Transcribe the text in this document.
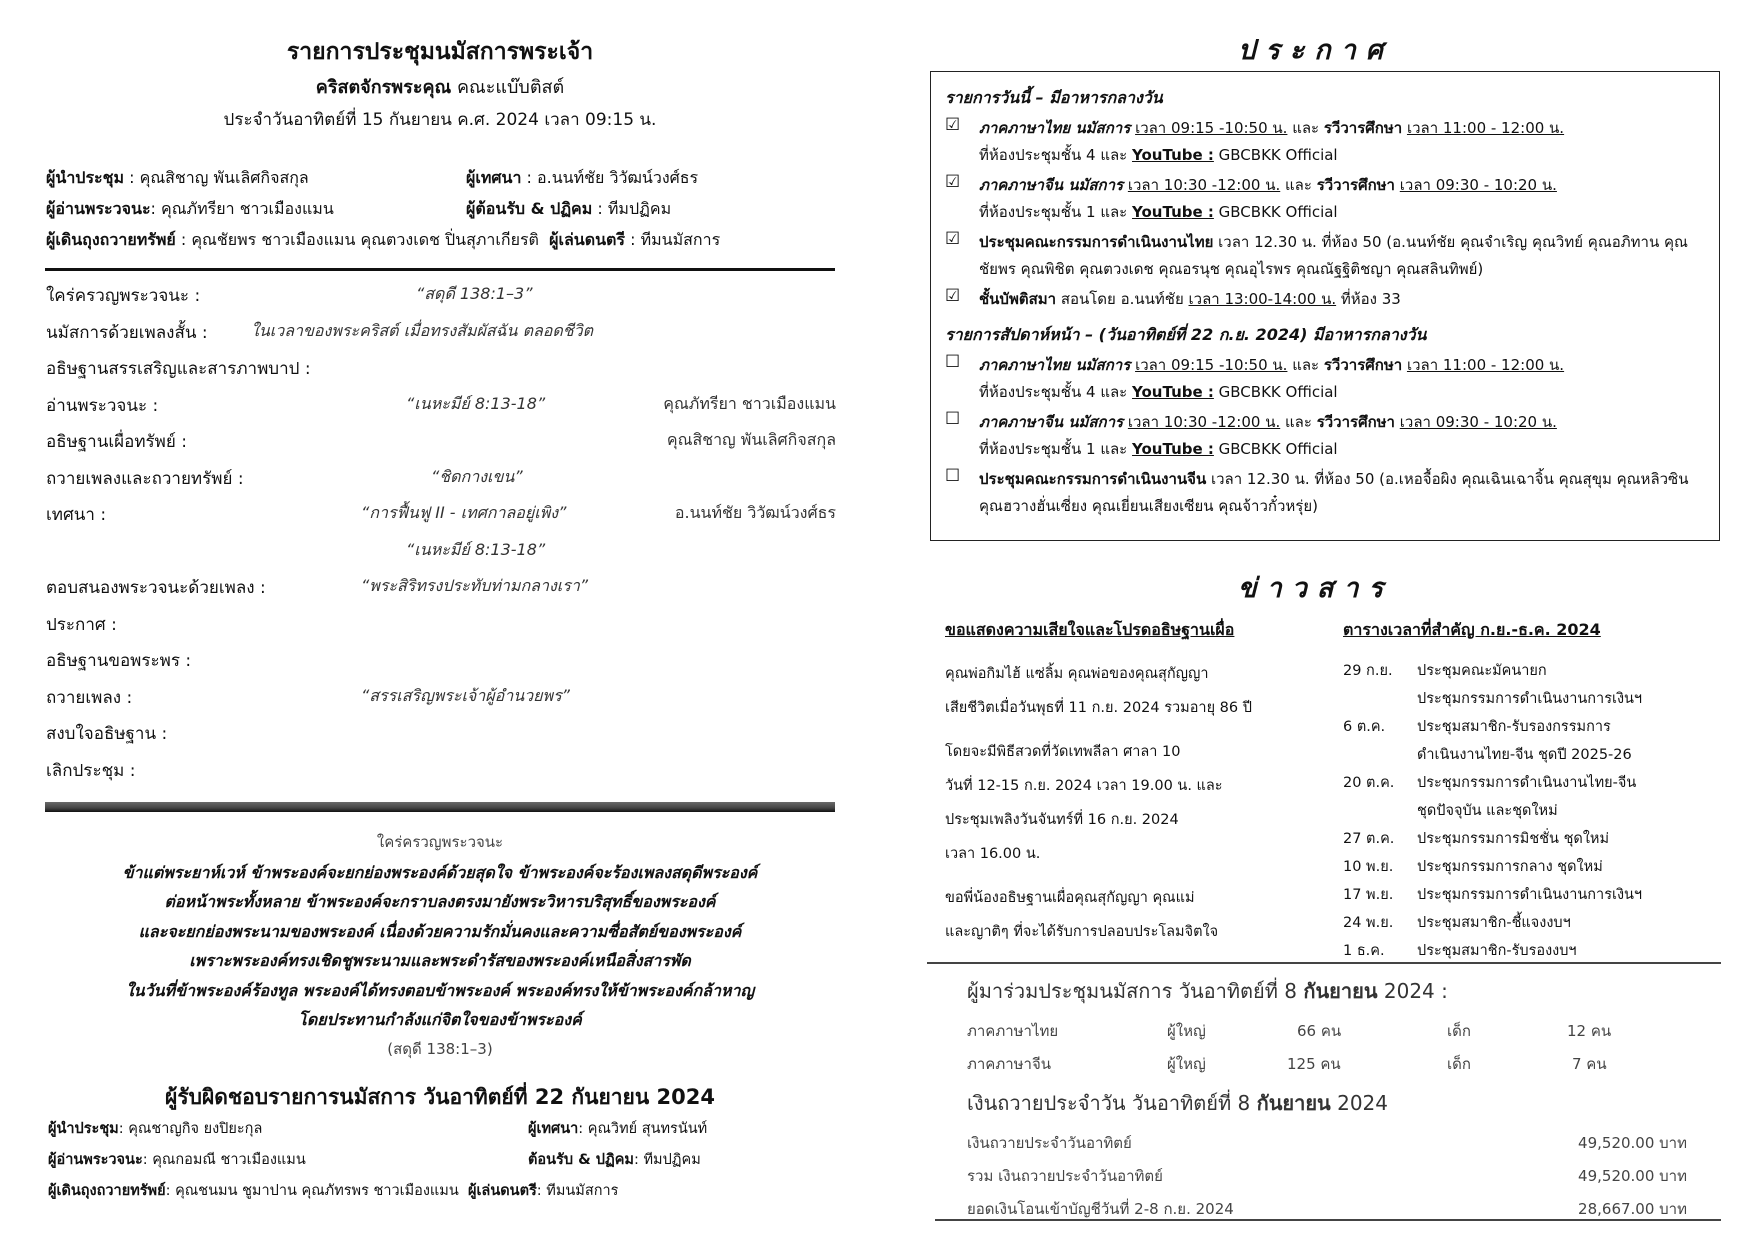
รายการประชุมนมัสการพระเจ้า
คริสตจักรพระคุณ คณะแบ๊บติสต์
ประจำวันอาทิตย์ที่ 15 กันยายน ค.ศ. 2024 เวลา 09:15 น.
ผู้นำประชุม : คุณสิชาญ พันเลิศกิจสกุล	ผู้เทศนา : อ.นนท์ชัย วิวัฒน์วงศ์ธร
ผู้อ่านพระวจนะ: คุณภัทรียา ชาวเมืองแมน	ผู้ต้อนรับ & ปฏิคม : ทีมปฏิคม
ผู้เดินถุงถวายทรัพย์ : คุณชัยพร ชาวเมืองแมน คุณตวงเดช ปิ่นสุภาเกียรติ ผู้เล่นดนตรี : ทีมนมัสการ
ใคร่ครวญพระวจนะ :	“สดุดี 138:1–3”
นมัสการด้วยเพลงสั้น :	ในเวลาของพระคริสต์ เมื่อทรงสัมผัสฉัน ตลอดชีวิต
อธิษฐานสรรเสริญและสารภาพบาป :
อ่านพระวจนะ :	“เนหะมีย์ 8:13-18”	คุณภัทรียา ชาวเมืองแมน
อธิษฐานเผื่อทรัพย์ :	คุณสิชาญ พันเลิศกิจสกุล
ถวายเพลงและถวายทรัพย์ :	“ชิดกางเขน”
เทศนา :	“การฟื้นฟู II - เทศกาลอยู่เพิง”	อ.นนท์ชัย วิวัฒน์วงศ์ธร
“เนหะมีย์ 8:13-18”
ตอบสนองพระวจนะด้วยเพลง :	“พระสิริทรงประทับท่ามกลางเรา”
ประกาศ :
อธิษฐานขอพระพร :
ถวายเพลง :	“สรรเสริญพระเจ้าผู้อำนวยพร”
สงบใจอธิษฐาน :
เลิกประชุม :
ใคร่ครวญพระวจนะ
ข้าแต่พระยาห์เวห์ ข้าพระองค์จะยกย่องพระองค์ด้วยสุดใจ ข้าพระองค์จะร้องเพลงสดุดีพระองค์
ต่อหน้าพระทั้งหลาย ข้าพระองค์จะกราบลงตรงมายังพระวิหารบริสุทธิ์ของพระองค์
และจะยกย่องพระนามของพระองค์ เนื่องด้วยความรักมั่นคงและความซื่อสัตย์ของพระองค์
เพราะพระองค์ทรงเชิดชูพระนามและพระดำรัสของพระองค์เหนือสิ่งสารพัด
ในวันที่ข้าพระองค์ร้องทูล พระองค์ได้ทรงตอบข้าพระองค์ พระองค์ทรงให้ข้าพระองค์กล้าหาญ
โดยประทานกำลังแก่จิตใจของข้าพระองค์
(สดุดี 138:1–3)
ผู้รับผิดชอบรายการนมัสการ วันอาทิตย์ที่ 22 กันยายน 2024
ผู้นำประชุม: คุณชาญกิจ ยงปิยะกุล	ผู้เทศนา: คุณวิทย์ สุนทรนันท์
ผู้อ่านพระวจนะ: คุณกอมณี ชาวเมืองแมน	ต้อนรับ & ปฏิคม: ทีมปฏิคม
ผู้เดินถุงถวายทรัพย์: คุณชนมน ชูมาปาน คุณภัทรพร ชาวเมืองแมน ผู้เล่นดนตรี: ทีมนมัสการ
ประกาศ
รายการวันนี้ – มีอาหารกลางวัน
☑	ภาคภาษาไทย นมัสการ เวลา 09:15 -10:50 น. และ รวีวารศึกษา เวลา 11:00 - 12:00 น.
ที่ห้องประชุมชั้น 4 และ YouTube : GBCBKK Official
☑	ภาคภาษาจีน นมัสการ เวลา 10:30 -12:00 น. และ รวีวารศึกษา เวลา 09:30 - 10:20 น.
ที่ห้องประชุมชั้น 1 และ YouTube : GBCBKK Official
☑	ประชุมคณะกรรมการดำเนินงานไทย เวลา 12.30 น. ที่ห้อง 50 (อ.นนท์ชัย คุณจำเริญ คุณวิทย์ คุณอภิทาน คุณชัยพร คุณพิชิต คุณตวงเดช คุณอรนุช คุณอุไรพร คุณณัฐฐิติชญา คุณสลินทิพย์)
☑	ชั้นบัพติสมา สอนโดย อ.นนท์ชัย เวลา 13:00-14:00 น. ที่ห้อง 33
รายการสัปดาห์หน้า – (วันอาทิตย์ที่ 22 ก.ย. 2024) มีอาหารกลางวัน
☐	ภาคภาษาไทย นมัสการ เวลา 09:15 -10:50 น. และ รวีวารศึกษา เวลา 11:00 - 12:00 น.
ที่ห้องประชุมชั้น 4 และ YouTube : GBCBKK Official
☐	ภาคภาษาจีน นมัสการ เวลา 10:30 -12:00 น. และ รวีวารศึกษา เวลา 09:30 - 10:20 น.
ที่ห้องประชุมชั้น 1 และ YouTube : GBCBKK Official
☐	ประชุมคณะกรรมการดำเนินงานจีน เวลา 12.30 น. ที่ห้อง 50 (อ.เหอจื้อผิง คุณเฉินเฉาจิ้น คุณสุขุม คุณหลิวซิน คุณฮวางฮั่นเซี่ยง คุณเยี่ยนเสียงเซียน คุณจ้าวกั๋วหรุ่ย)
ข่าวสาร
ขอแสดงความเสียใจและโปรดอธิษฐานเผื่อ
คุณพ่อกิมไฮ้ แซ่ลิ้ม คุณพ่อของคุณสุกัญญา
เสียชีวิตเมื่อวันพุธที่ 11 ก.ย. 2024 รวมอายุ 86 ปี
โดยจะมีพิธีสวดที่วัดเทพลีลา ศาลา 10
วันที่ 12-15 ก.ย. 2024 เวลา 19.00 น. และ
ประชุมเพลิงวันจันทร์ที่ 16 ก.ย. 2024
เวลา 16.00 น.
ขอพี่น้องอธิษฐานเผื่อคุณสุกัญญา คุณแม่
และญาติๆ ที่จะได้รับการปลอบประโลมจิตใจ
ตารางเวลาที่สำคัญ ก.ย.-ธ.ค. 2024
29 ก.ย.	ประชุมคณะมัคนายก
ประชุมกรรมการดำเนินงานการเงินฯ
6 ต.ค.	ประชุมสมาชิก-รับรองกรรมการ
ดำเนินงานไทย-จีน ชุดปี 2025-26
20 ต.ค.	ประชุมกรรมการดำเนินงานไทย-จีน
ชุดปัจจุบัน และชุดใหม่
27 ต.ค.	ประชุมกรรมการมิชชั่น ชุดใหม่
10 พ.ย.	ประชุมกรรมการกลาง ชุดใหม่
17 พ.ย.	ประชุมกรรมการดำเนินงานการเงินฯ
24 พ.ย.	ประชุมสมาชิก-ชี้แจงงบฯ
1 ธ.ค.	ประชุมสมาชิก-รับรองงบฯ
ผู้มาร่วมประชุมนมัสการ วันอาทิตย์ที่ 8 กันยายน 2024 :
ภาคภาษาไทย	ผู้ใหญ่	66 คน	เด็ก	12 คน
ภาคภาษาจีน	ผู้ใหญ่	125 คน	เด็ก	7 คน
เงินถวายประจำวัน วันอาทิตย์ที่ 8 กันยายน 2024
เงินถวายประจำวันอาทิตย์	49,520.00 บาท
รวม เงินถวายประจำวันอาทิตย์	49,520.00 บาท
ยอดเงินโอนเข้าบัญชีวันที่ 2-8 ก.ย. 2024	28,667.00 บาท
